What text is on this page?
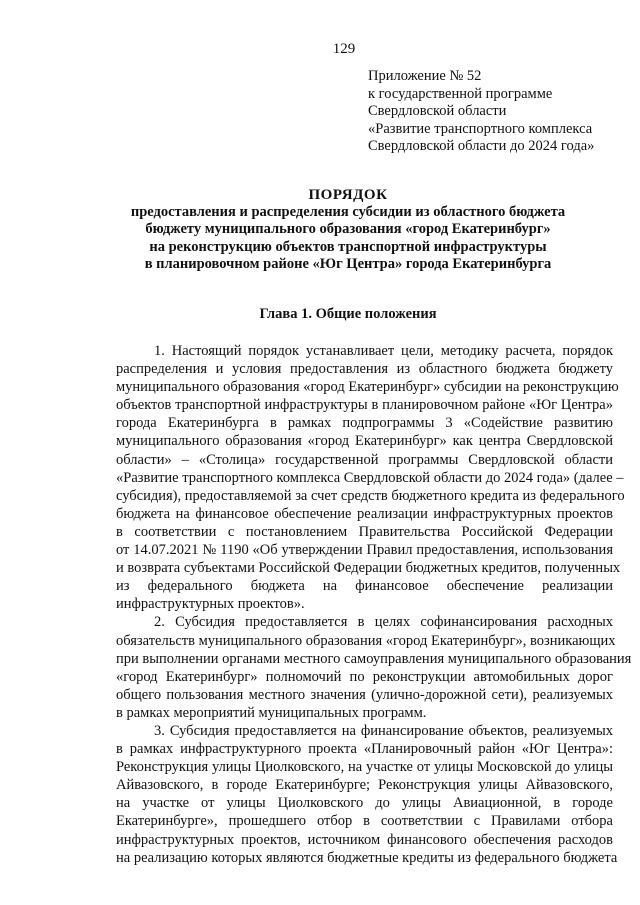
129
Приложение № 52
к государственной программе
Свердловской области
«Развитие транспортного комплекса
Свердловской области до 2024 года»
ПОРЯДОК
предоставления и распределения субсидии из областного бюджета
бюджету муниципального образования «город Екатеринбург»
на реконструкцию объектов транспортной инфраструктуры
в планировочном районе «Юг Центра» города Екатеринбурга
Глава 1. Общие положения
1. Настоящий порядок устанавливает цели, методику расчета, порядок
распределения и условия предоставления из областного бюджета бюджету
муниципального образования «город Екатеринбург» субсидии на реконструкцию
объектов транспортной инфраструктуры в планировочном районе «Юг Центра»
города Екатеринбурга в рамках подпрограммы 3 «Содействие развитию
муниципального образования «город Екатеринбург» как центра Свердловской
области» – «Столица» государственной программы Свердловской области
«Развитие транспортного комплекса Свердловской области до 2024 года» (далее –
субсидия), предоставляемой за счет средств бюджетного кредита из федерального
бюджета на финансовое обеспечение реализации инфраструктурных проектов
в соответствии с постановлением Правительства Российской Федерации
от 14.07.2021 № 1190 «Об утверждении Правил предоставления, использования
и возврата субъектами Российской Федерации бюджетных кредитов, полученных
из федерального бюджета на финансовое обеспечение реализации
инфраструктурных проектов».
2. Субсидия предоставляется в целях софинансирования расходных
обязательств муниципального образования «город Екатеринбург», возникающих
при выполнении органами местного самоуправления муниципального образования
«город Екатеринбург» полномочий по реконструкции автомобильных дорог
общего пользования местного значения (улично-дорожной сети), реализуемых
в рамках мероприятий муниципальных программ.
3. Субсидия предоставляется на финансирование объектов, реализуемых
в рамках инфраструктурного проекта «Планировочный район «Юг Центра»:
Реконструкция улицы Циолковского, на участке от улицы Московской до улицы
Айвазовского, в городе Екатеринбурге; Реконструкция улицы Айвазовского,
на участке от улицы Циолковского до улицы Авиационной, в городе
Екатеринбурге», прошедшего отбор в соответствии с Правилами отбора
инфраструктурных проектов, источником финансового обеспечения расходов
на реализацию которых являются бюджетные кредиты из федерального бюджета
